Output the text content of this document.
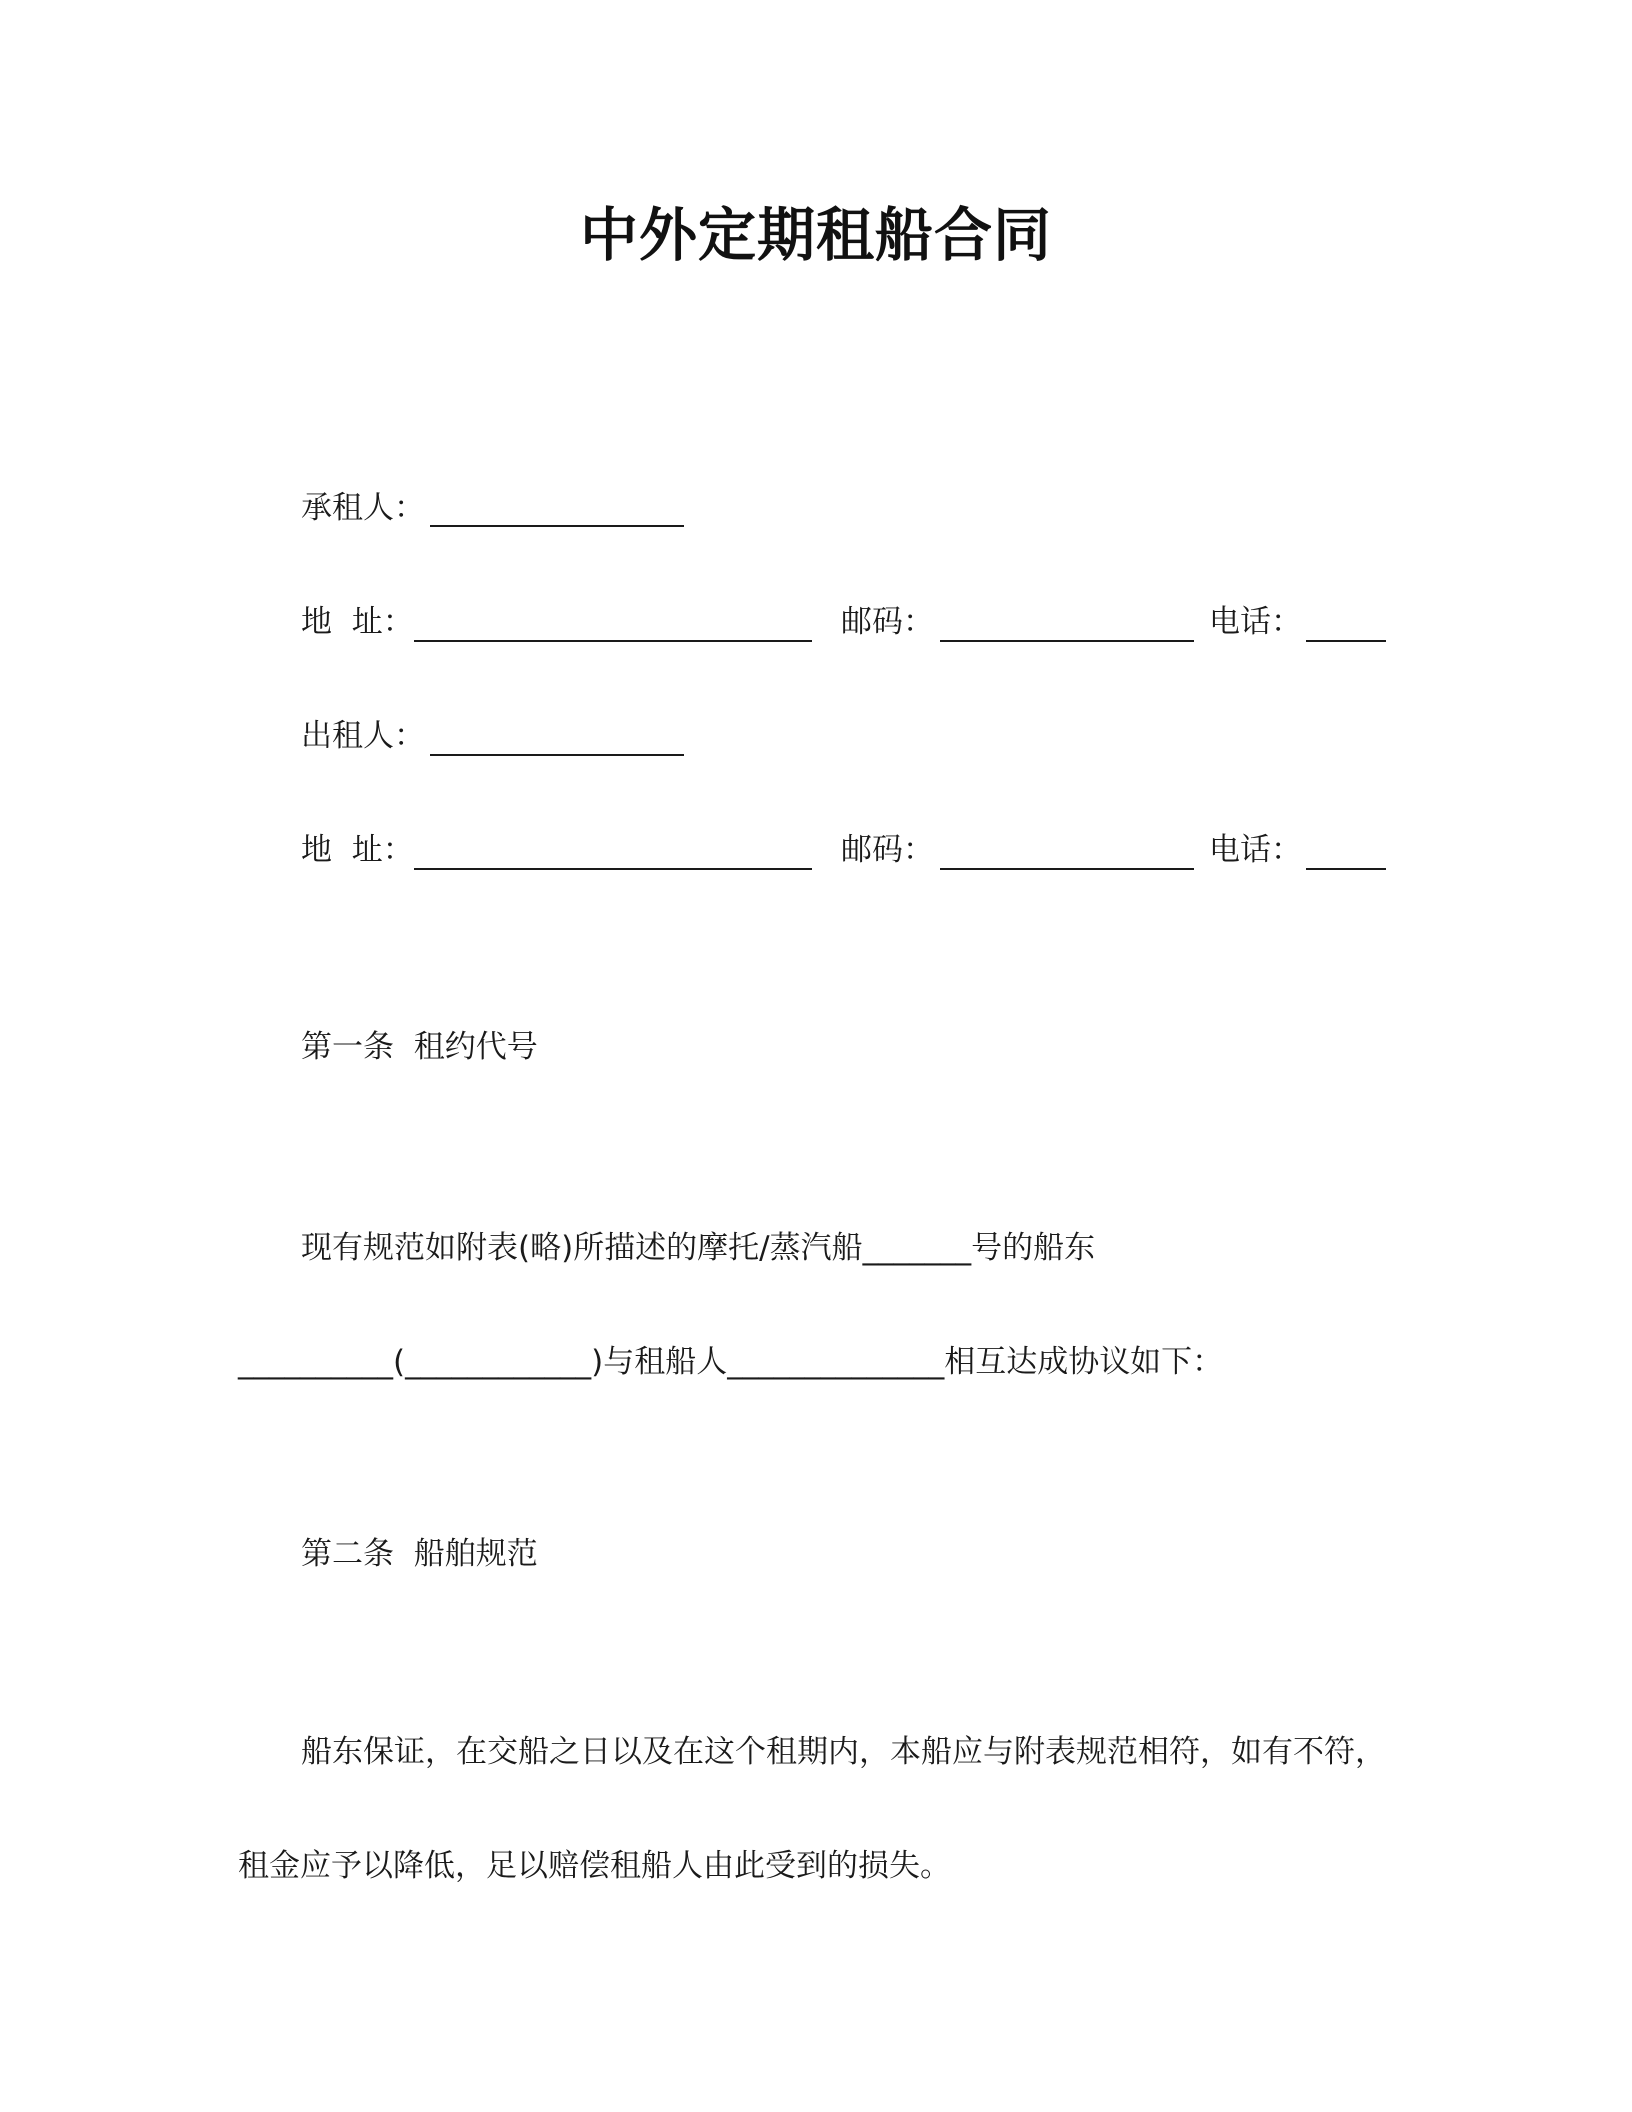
中外定期租船合同
承租人：
地  址：	邮码：	电话：
出租人：
地  址：	邮码：	电话：
第一条  租约代号
现有规范如附表(略)所描述的摩托/蒸汽船_______号的船东
__________(____________)与租船人______________相互达成协议如下：
第二条  船舶规范
船东保证，在交船之日以及在这个租期内，本船应与附表规范相符，如有不符，
租金应予以降低，足以赔偿租船人由此受到的损失。
